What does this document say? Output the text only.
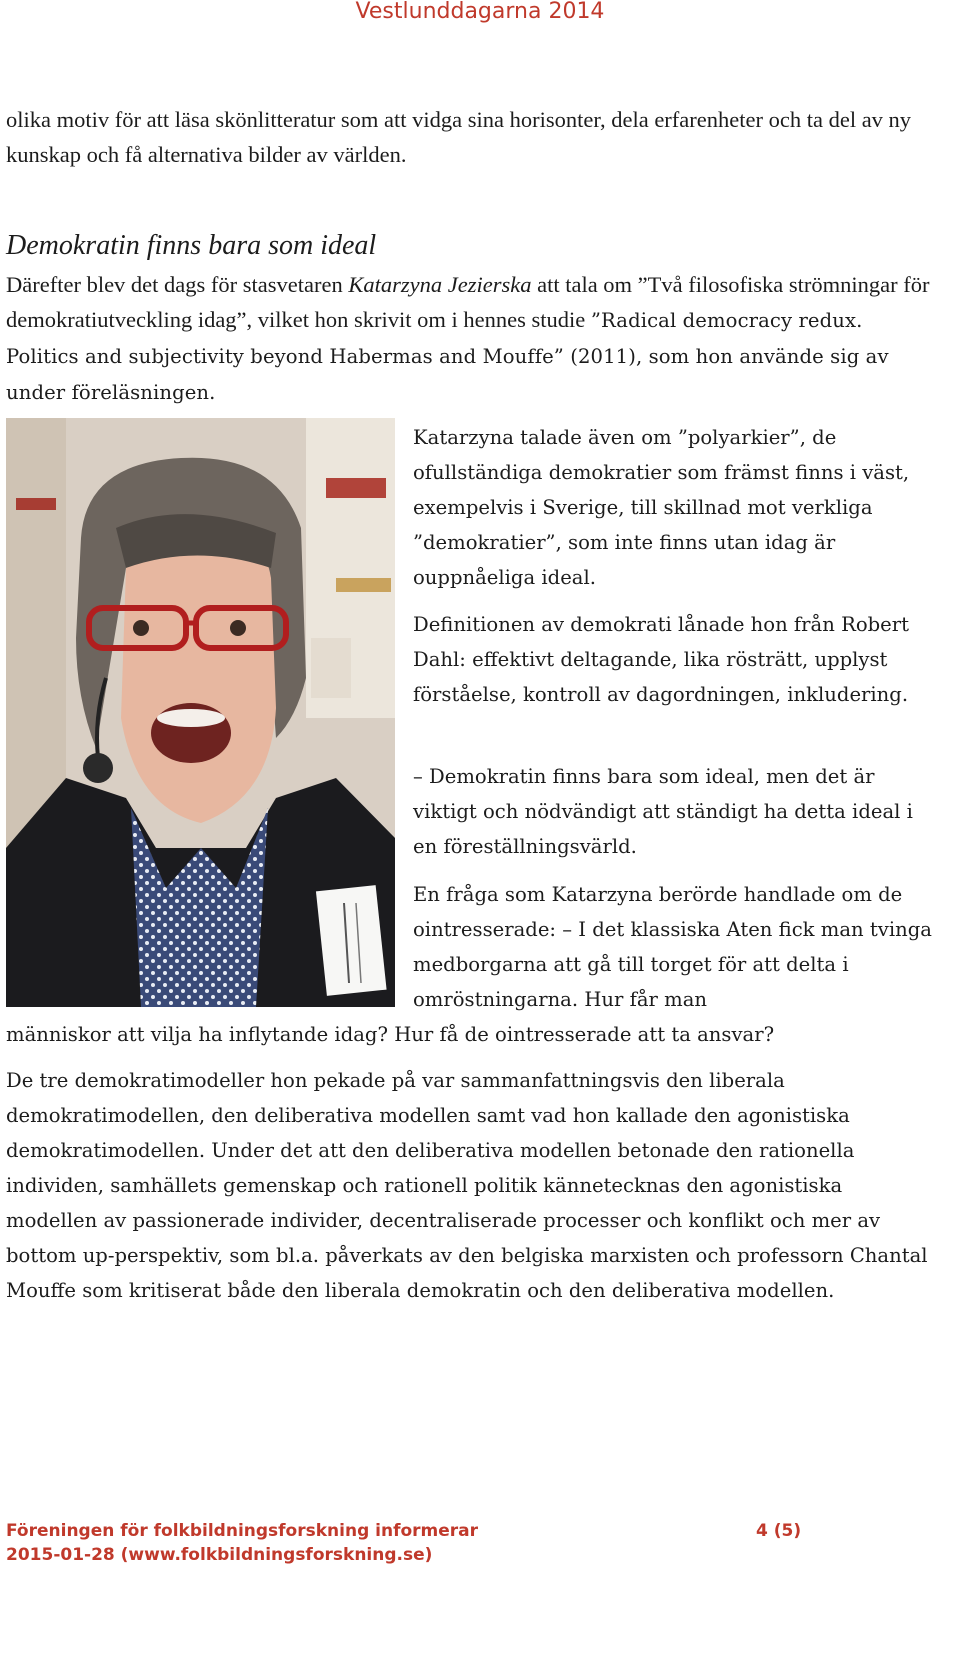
Vestlunddagarna 2014

olika motiv för att läsa skönlitteratur som att vidga sina horisonter, dela erfarenheter och ta del av ny kunskap och få alternativa bilder av världen.

Demokratin finns bara som ideal

Därefter blev det dags för stasvetaren Katarzyna Jezierska att tala om ”Två filosofiska strömningar för demokratiutveckling idag”, vilket hon skrivit om i hennes studie ”Radical democracy redux. Politics and subjectivity beyond Habermas and Mouffe” (2011), som hon använde sig av under föreläsningen.

Katarzyna talade även om ”polyarkier”, de ofullständiga demokratier som främst finns i väst, exempelvis i Sverige, till skillnad mot verkliga ”demokratier”, som inte finns utan idag är ouppnåeliga ideal.

Definitionen av demokrati lånade hon från Robert Dahl: effektivt deltagande, lika rösträtt, upplyst förståelse, kontroll av dagordningen, inkludering.

– Demokratin finns bara som ideal, men det är viktigt och nödvändigt att ständigt ha detta ideal i en föreställningsvärld.

En fråga som Katarzyna berörde handlade om de ointresserade: – I det klassiska Aten fick man tvinga medborgarna att gå till torget för att delta i omröstningarna. Hur får man

människor att vilja ha inflytande idag? Hur få de ointresserade att ta ansvar?

De tre demokratimodeller hon pekade på var sammanfattningsvis den liberala demokratimodellen, den deliberativa modellen samt vad hon kallade den agonistiska demokratimodellen. Under det att den deliberativa modellen betonade den rationella individen, samhällets gemenskap och rationell politik kännetecknas den agonistiska modellen av passionerade individer, decentraliserade processer och konflikt och mer av bottom up-perspektiv, som bl.a. påverkats av den belgiska marxisten och professorn Chantal Mouffe som kritiserat både den liberala demokratin och den deliberativa modellen.

Föreningen för folkbildningsforskning informerar	4 (5)
2015-01-28 (www.folkbildningsforskning.se)
